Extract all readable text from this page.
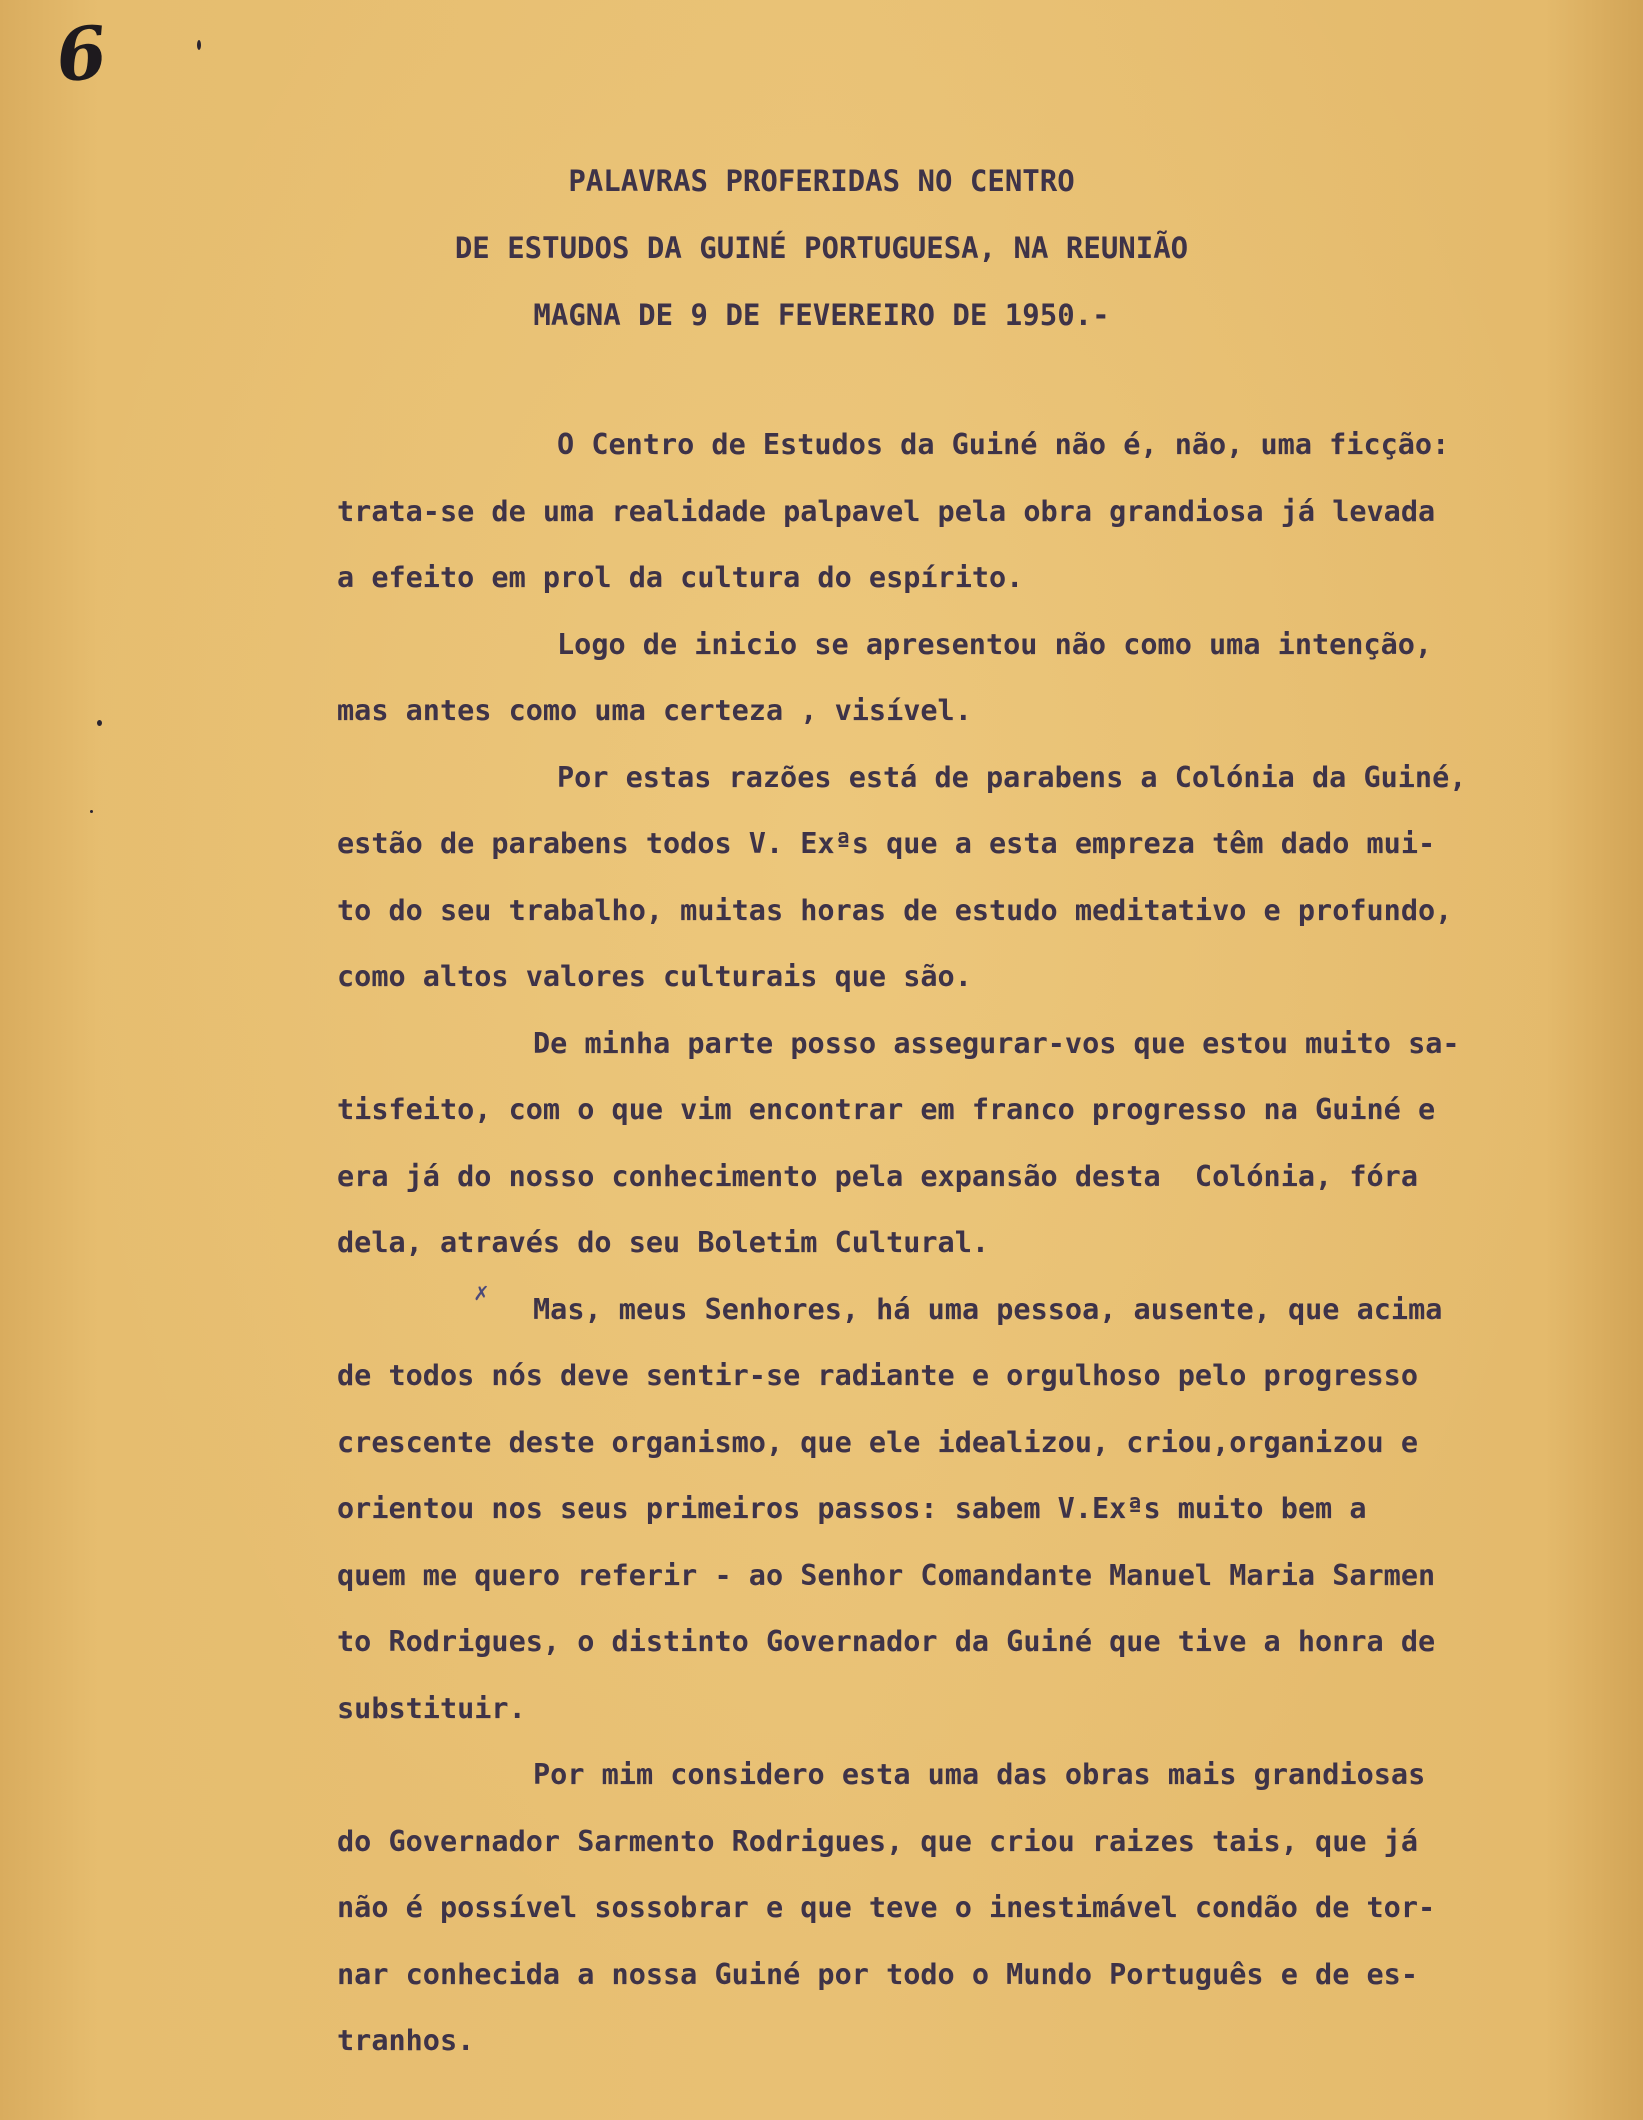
6
PALAVRAS PROFERIDAS NO CENTRO
DE ESTUDOS DA GUINÉ PORTUGUESA, NA REUNIÃO
MAGNA DE 9 DE FEVEREIRO DE 1950.-
O Centro de Estudos da Guiné não é, não, uma ficção:
trata-se de uma realidade palpavel pela obra grandiosa já levada
a efeito em prol da cultura do espírito.
Logo de inicio se apresentou não como uma intenção,
mas antes como uma certeza , visível.
Por estas razões está de parabens a Colónia da Guiné,
estão de parabens todos V. Exªs que a esta empreza têm dado mui-
to do seu trabalho, muitas horas de estudo meditativo e profundo,
como altos valores culturais que são.
De minha parte posso assegurar-vos que estou muito sa-
tisfeito, com o que vim encontrar em franco progresso na Guiné e
era já do nosso conhecimento pela expansão desta  Colónia, fóra
dela, através do seu Boletim Cultural.
Mas, meus Senhores, há uma pessoa, ausente, que acima
de todos nós deve sentir-se radiante e orgulhoso pelo progresso
crescente deste organismo, que ele idealizou, criou,organizou e
orientou nos seus primeiros passos: sabem V.Exªs muito bem a
quem me quero referir - ao Senhor Comandante Manuel Maria Sarmen
to Rodrigues, o distinto Governador da Guiné que tive a honra de
substituir.
Por mim considero esta uma das obras mais grandiosas
do Governador Sarmento Rodrigues, que criou raizes tais, que já
não é possível sossobrar e que teve o inestimável condão de tor-
nar conhecida a nossa Guiné por todo o Mundo Português e de es-
tranhos.
✗
